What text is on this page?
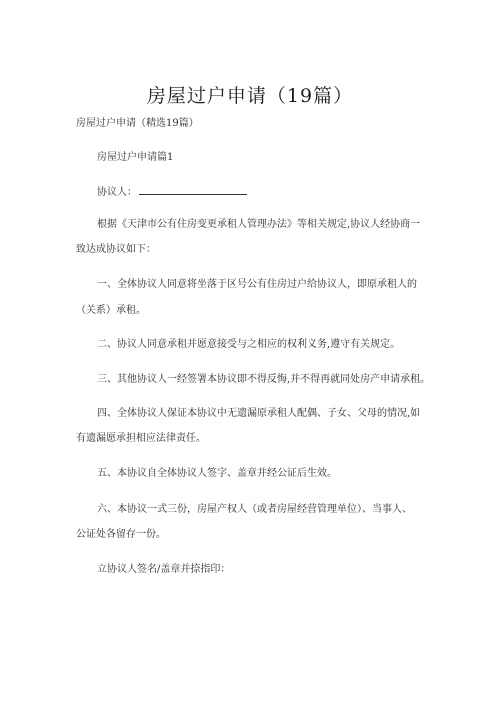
房屋过户申请（19篇）
房屋过户申请（精选19篇）
房屋过户申请篇1
协议人：
根据《天津市公有住房变更承租人管理办法》等相关规定,协议人经协商一
致达成协议如下：
一、全体协议人同意将坐落于区号公有住房过户给协议人，即原承租人的
（关系）承租。
二、协议人同意承租并愿意接受与之相应的权利义务,遵守有关规定。
三、其他协议人一经签署本协议即不得反悔,并不得再就同处房产申请承租。
四、全体协议人保证本协议中无遗漏原承租人配偶、子女、父母的情况,如
有遗漏愿承担相应法律责任。
五、本协议自全体协议人签字、盖章并经公证后生效。
六、本协议一式三份，房屋产权人（或者房屋经营管理单位）、当事人、
公证处各留存一份。
立协议人签名/盖章并捺指印：
